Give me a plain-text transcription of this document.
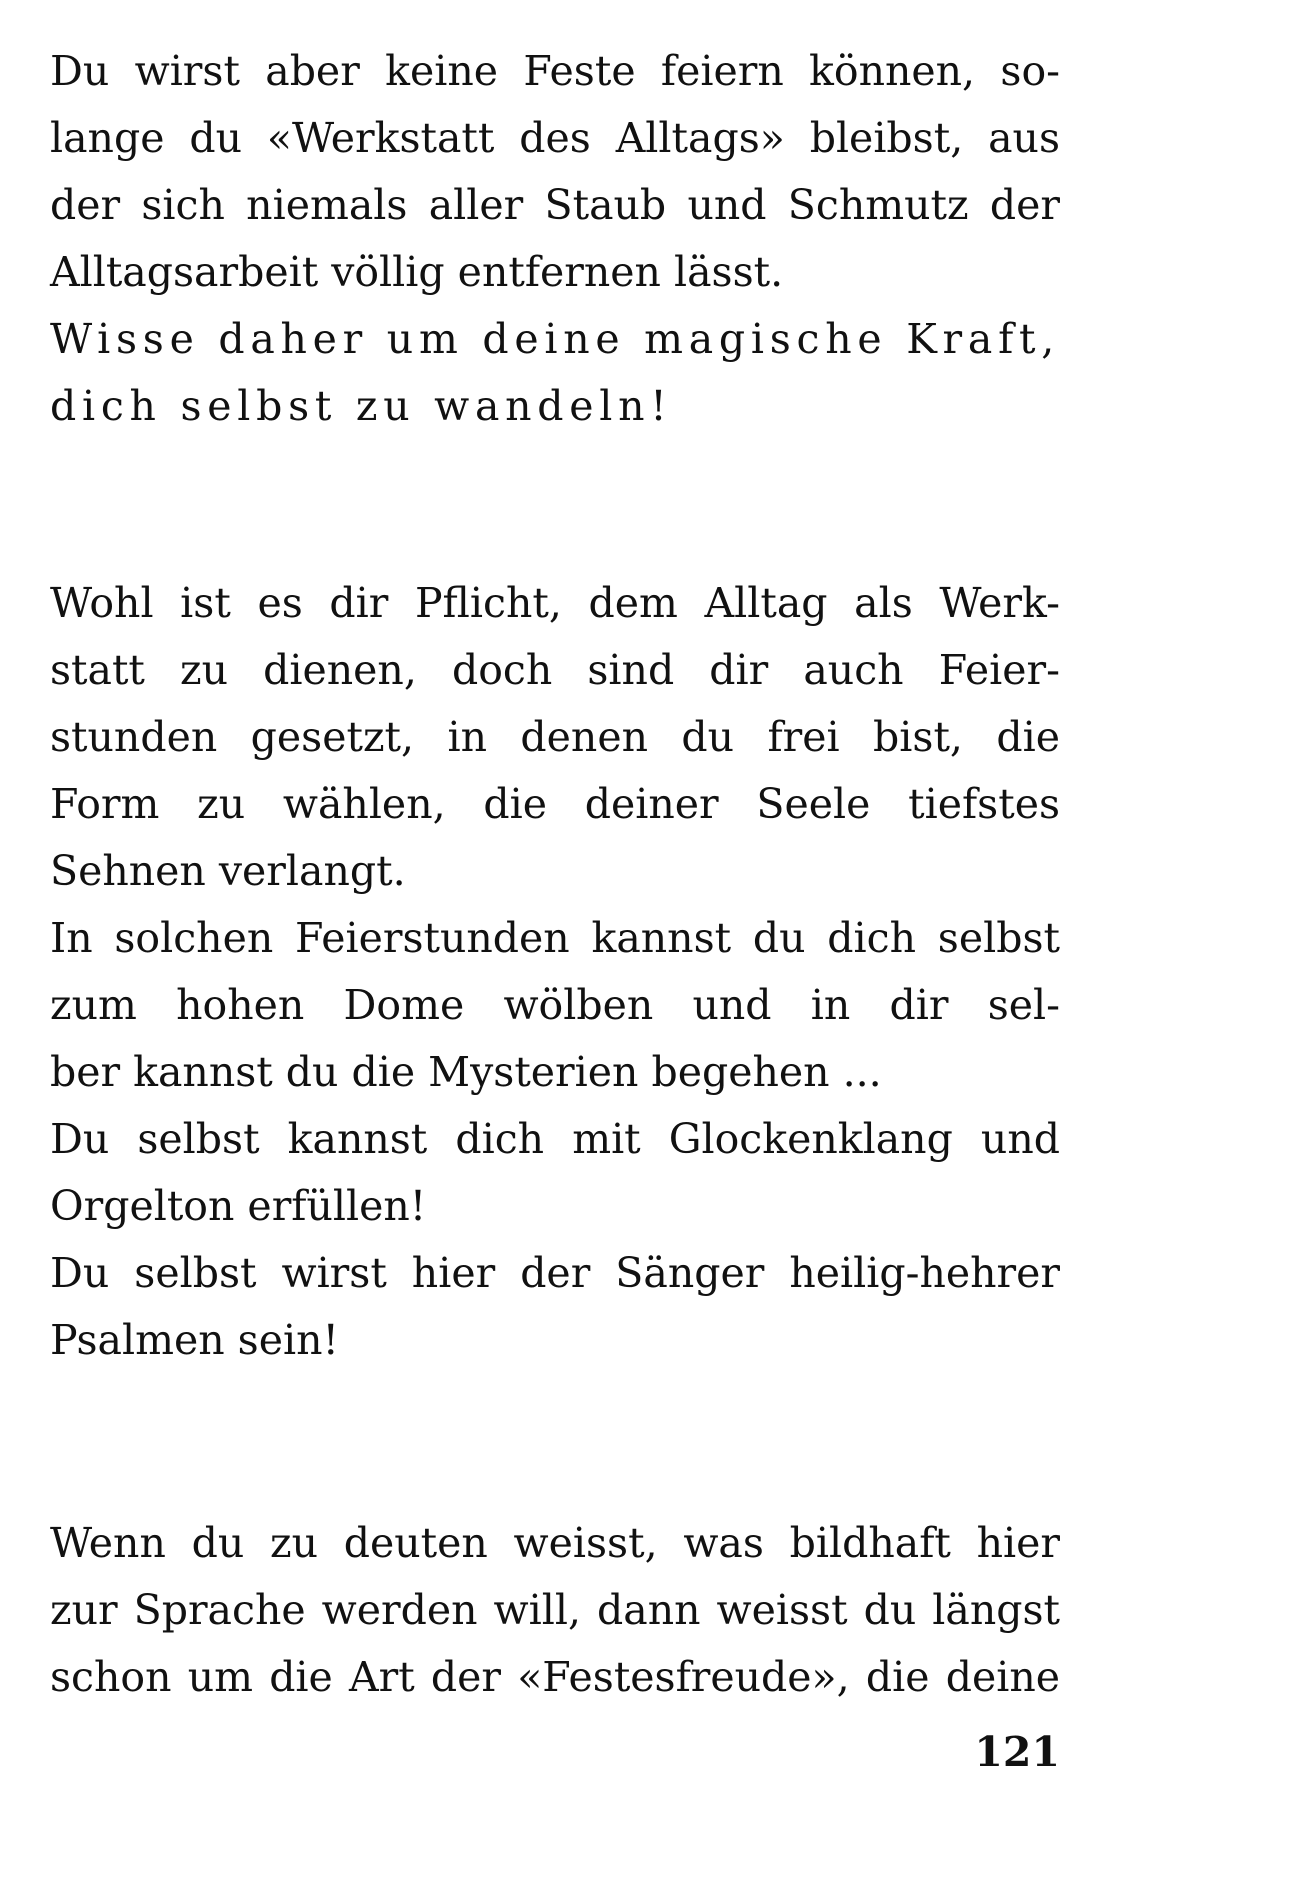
Du wirst aber keine Feste feiern können, so-
lange du «Werkstatt des Alltags» bleibst, aus
der sich niemals aller Staub und Schmutz der
Alltagsarbeit völlig entfernen lässt.
Wisse daher um deine magische Kraft,
dich selbst zu wandeln!
Wohl ist es dir Pflicht, dem Alltag als Werk-
statt zu dienen, doch sind dir auch Feier-
stunden gesetzt, in denen du frei bist, die
Form zu wählen, die deiner Seele tiefstes
Sehnen verlangt.
In solchen Feierstunden kannst du dich selbst
zum hohen Dome wölben und in dir sel-
ber kannst du die Mysterien begehen ...
Du selbst kannst dich mit Glockenklang und
Orgelton erfüllen!
Du selbst wirst hier der Sänger heilig-hehrer
Psalmen sein!
Wenn du zu deuten weisst, was bildhaft hier
zur Sprache werden will, dann weisst du längst
schon um die Art der «Festesfreude», die deine
121
